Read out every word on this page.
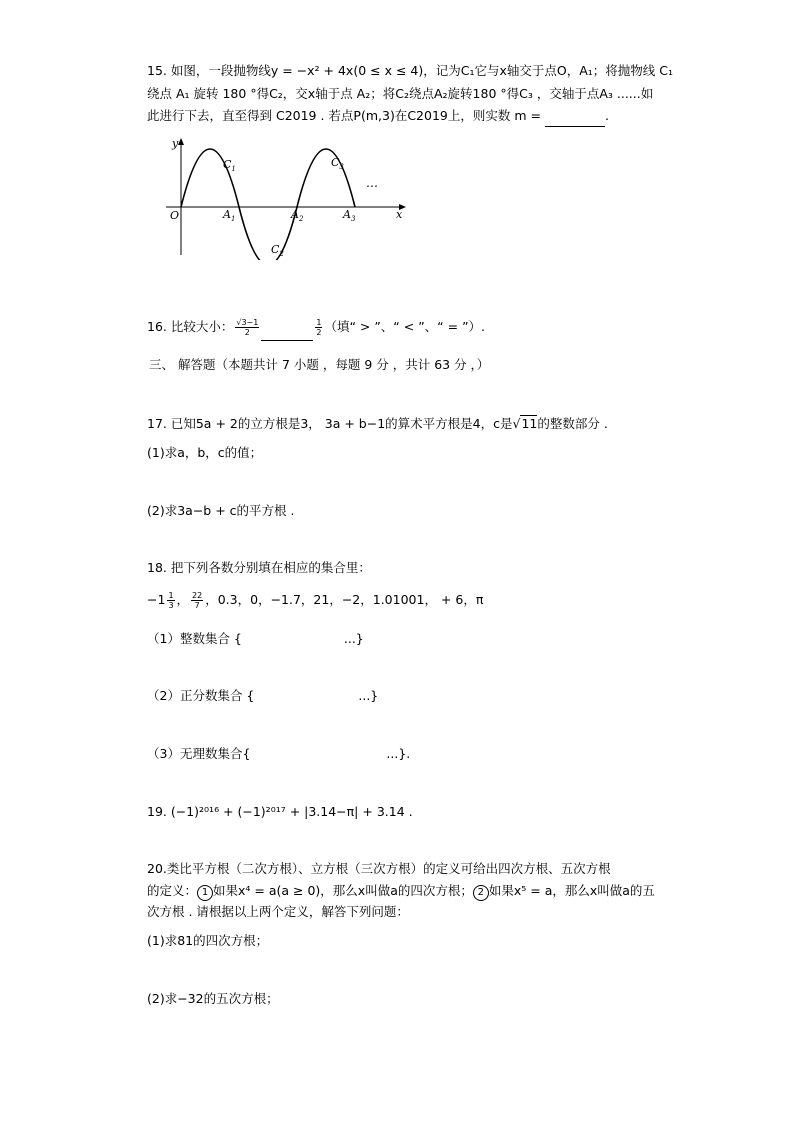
15. 如图，一段抛物线y = −x² + 4x(0 ≤ x ≤ 4)，记为C₁它与x轴交于点O，A₁；将抛物线 C₁
绕点 A₁ 旋转 180 °得C₂，交x轴于点 A₂；将C₂绕点A₂旋转180 °得C₃ ，交轴于点A₃ ......如
此进行下去，直至得到 C2019 . 若点P(m,3)在C2019上，则实数 m =	.
y
x
O
$C_1$
$C_2$
$C_3$
$A_1$	$A_2$	$A_3$
…
16. 比较大小： $\frac{√3-1}{2}$
	$\frac{1}{2}$ （填“ > ”、“ < ”、“ = ”）.
三、 解答题（本题共计 7 小题 ，每题 9 分 ，共计 63 分 ，）
17. 已知5a + 2的立方根是3， 3a + b−1的算术平方根是4，c是√11的整数部分 .
(1)求a，b，c的值；
(2)求3a−b + c的平方根 .
18. 把下列各数分别填在相应的集合里：
$-1 \frac{1}{3}$ ， $\frac{22}{7}$ ，0.3，0，−1.7，21，−2，1.01001， + 6，π
（1）整数集合 {	...}
（2）正分数集合 {	...}
（3）无理数集合{	...}.
19. (−1)²⁰¹⁶ + (−1)²⁰¹⁷ + |3.14−π| + 3.14 .
20.类比平方根（二次方根）、立方根（三次方根）的定义可给出四次方根、五次方根
的定义： 1 如果x⁴ = a(a ≥ 0)，那么x叫做a的四次方根； 2 如果x⁵ = a，那么x叫做a的五
次方根 . 请根据以上两个定义，解答下列问题：
(1)求81的四次方根；
(2)求−32的五次方根；
